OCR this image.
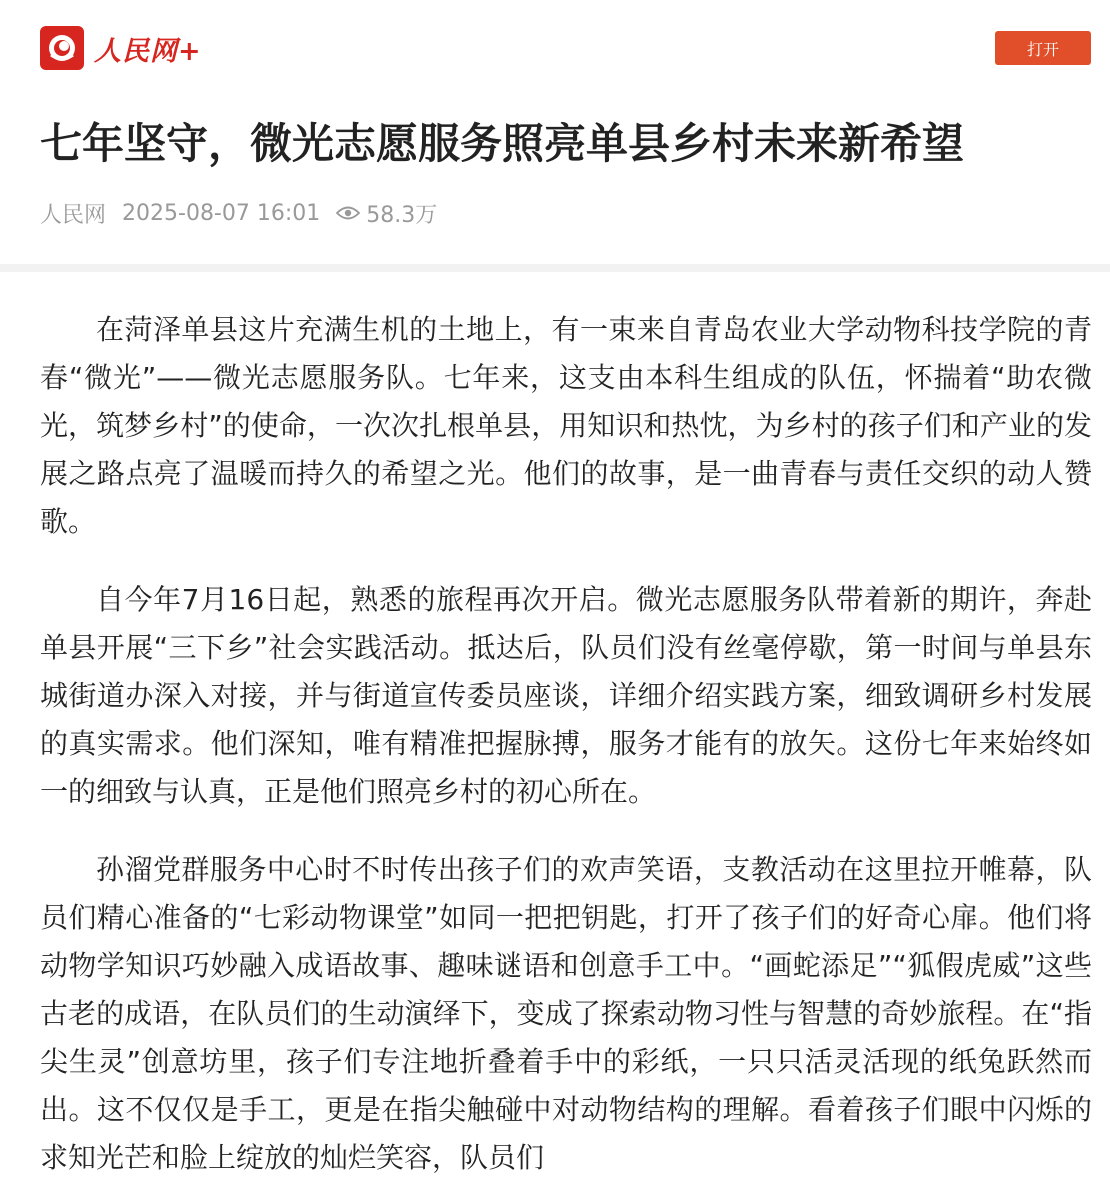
人民网+	打开
七年坚守，微光志愿服务照亮单县乡村未来新希望
人民网 2025-08-07 16:01 58.3万

在菏泽单县这片充满生机的土地上，有一束来自青岛农业大学动物科技学院的青春“微光”——微光志愿服务队。七年来，这支由本科生组成的队伍，怀揣着“助农微光，筑梦乡村”的使命，一次次扎根单县，用知识和热忱，为乡村的孩子们和产业的发展之路点亮了温暖而持久的希望之光。他们的故事，是一曲青春与责任交织的动人赞歌。

自今年7月16日起，熟悉的旅程再次开启。微光志愿服务队带着新的期许，奔赴单县开展“三下乡”社会实践活动。抵达后，队员们没有丝毫停歇，第一时间与单县东城街道办深入对接，并与街道宣传委员座谈，详细介绍实践方案，细致调研乡村发展的真实需求。他们深知，唯有精准把握脉搏，服务才能有的放矢。这份七年来始终如一的细致与认真，正是他们照亮乡村的初心所在。

孙溜党群服务中心时不时传出孩子们的欢声笑语，支教活动在这里拉开帷幕，队员们精心准备的“七彩动物课堂”如同一把把钥匙，打开了孩子们的好奇心扉。他们将动物学知识巧妙融入成语故事、趣味谜语和创意手工中。“画蛇添足”“狐假虎威”这些古老的成语，在队员们的生动演绎下，变成了探索动物习性与智慧的奇妙旅程。在“指尖生灵”创意坊里，孩子们专注地折叠着手中的彩纸，一只只活灵活现的纸兔跃然而出。这不仅仅是手工，更是在指尖触碰中对动物结构的理解。看着孩子们眼中闪烁的求知光芒和脸上绽放的灿烂笑容，队员们
